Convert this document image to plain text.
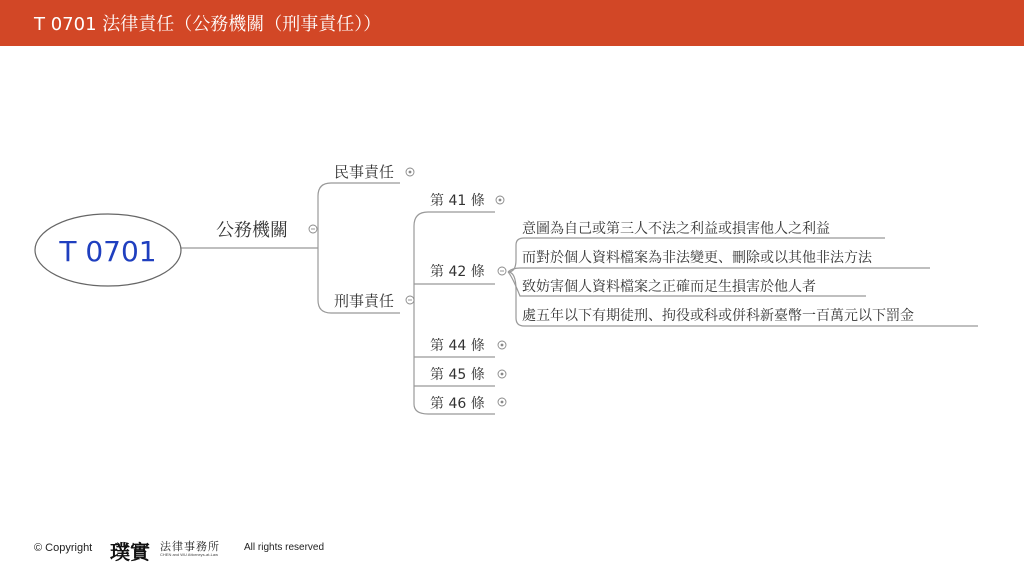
T 0701 法律責任（公務機關（刑事責任））
T 0701
公務機關
民事責任
刑事責任
第 41 條
第 42 條
第 44 條
第 45 條
第 46 條
意圖為自己或第三人不法之利益或損害他人之利益
而對於個人資料檔案為非法變更、刪除或以其他非法方法
致妨害個人資料檔案之正確而足生損害於他人者
處五年以下有期徒刑、拘役或科或併科新臺幣一百萬元以下罰金
© Copyright 璞實 法律事務所
CHEN and WU Attorneys-at-Law
All rights reserved
